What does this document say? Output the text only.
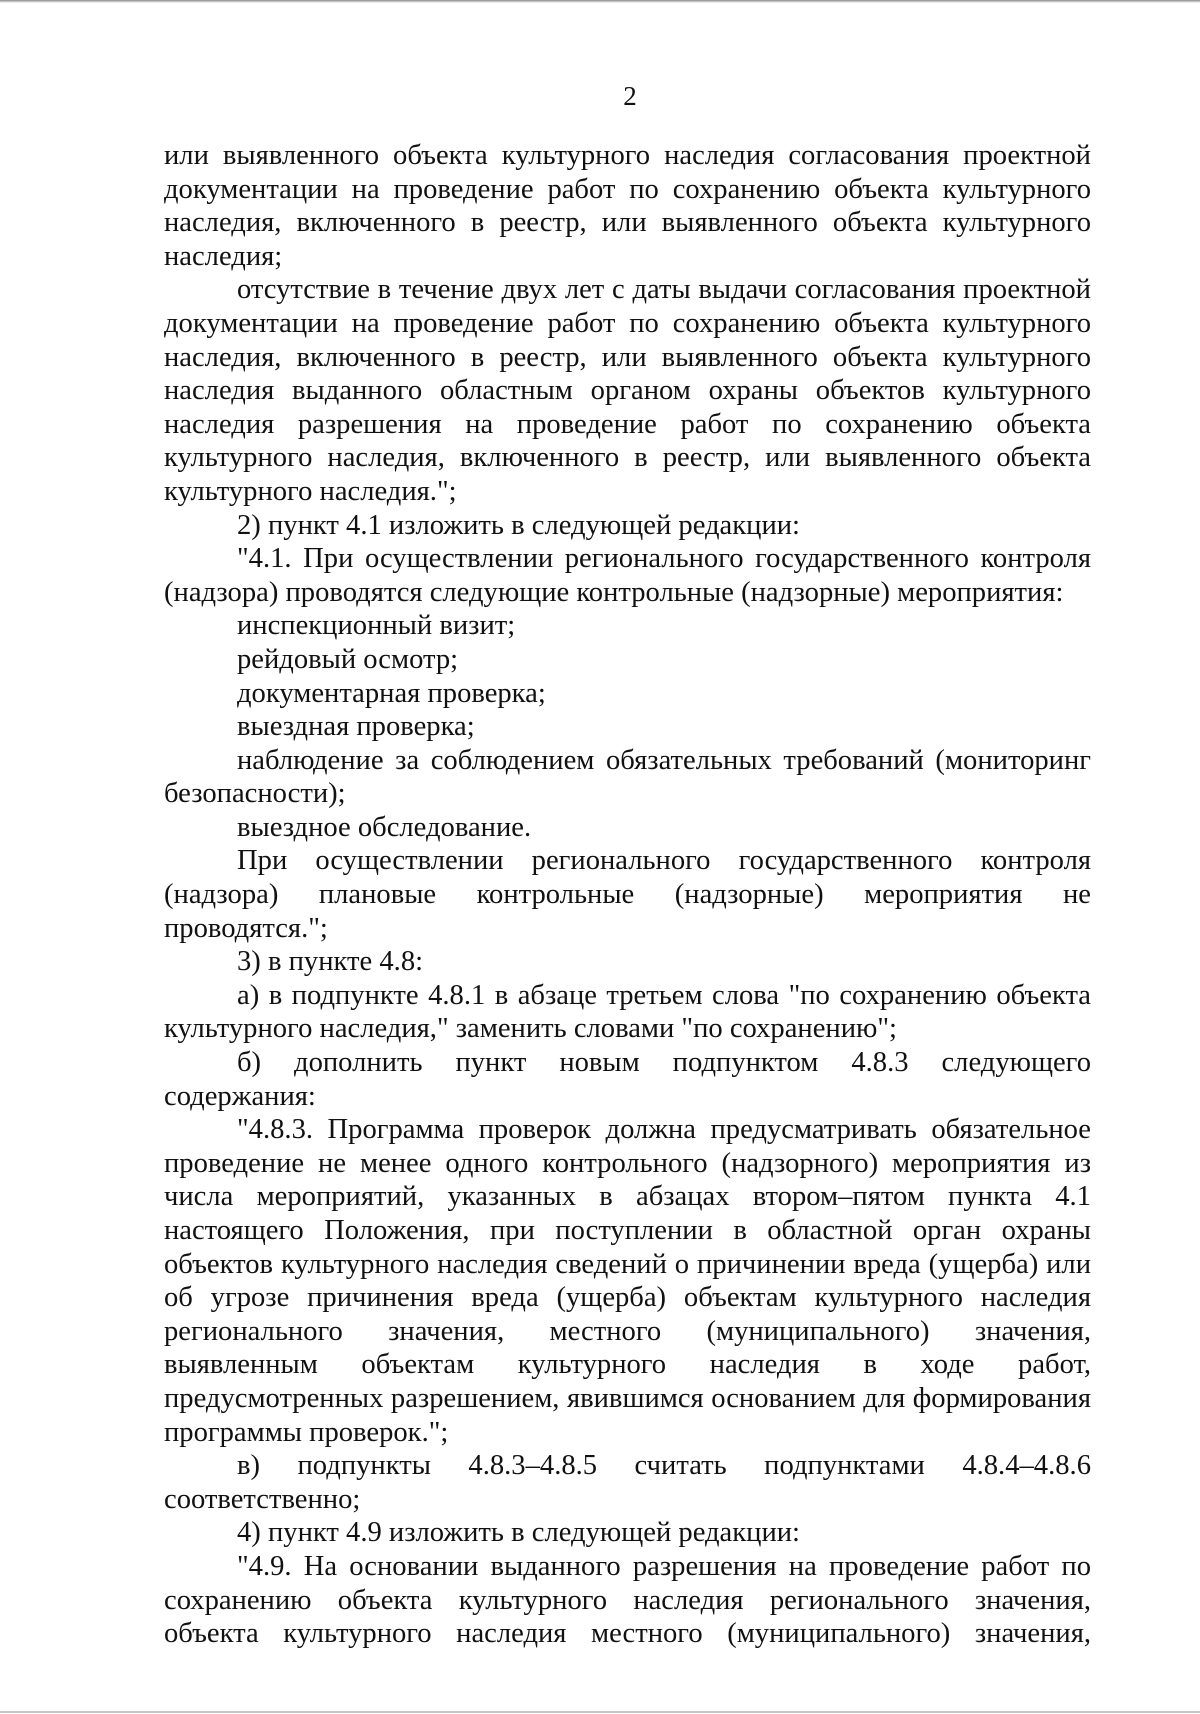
2

или выявленного объекта культурного наследия согласования проектной документации на проведение работ по сохранению объекта культурного наследия, включенного в реестр, или выявленного объекта культурного наследия;

отсутствие в течение двух лет с даты выдачи согласования проектной документации на проведение работ по сохранению объекта культурного наследия, включенного в реестр, или выявленного объекта культурного наследия выданного областным органом охраны объектов культурного наследия разрешения на проведение работ по сохранению объекта культурного наследия, включенного в реестр, или выявленного объекта культурного наследия.";

2) пункт 4.1 изложить в следующей редакции:

"4.1. При осуществлении регионального государственного контроля (надзора) проводятся следующие контрольные (надзорные) мероприятия:

инспекционный визит;

рейдовый осмотр;

документарная проверка;

выездная проверка;

наблюдение за соблюдением обязательных требований (мониторинг безопасности);

выездное обследование.

При осуществлении регионального государственного контроля (надзора) плановые контрольные (надзорные) мероприятия не проводятся.";

3) в пункте 4.8:

а) в подпункте 4.8.1 в абзаце третьем слова "по сохранению объекта культурного наследия," заменить словами "по сохранению";

б) дополнить пункт новым подпунктом 4.8.3 следующего содержания:

"4.8.3. Программа проверок должна предусматривать обязательное проведение не менее одного контрольного (надзорного) мероприятия из числа мероприятий, указанных в абзацах втором–пятом пункта 4.1 настоящего Положения, при поступлении в областной орган охраны объектов культурного наследия сведений о причинении вреда (ущерба) или об угрозе причинения вреда (ущерба) объектам культурного наследия регионального значения, местного (муниципального) значения, выявленным объектам культурного наследия в ходе работ, предусмотренных разрешением, явившимся основанием для формирования программы проверок.";

в) подпункты 4.8.3–4.8.5 считать подпунктами 4.8.4–4.8.6 соответственно;

4) пункт 4.9 изложить в следующей редакции:

"4.9. На основании выданного разрешения на проведение работ по сохранению объекта культурного наследия регионального значения, объекта культурного наследия местного (муниципального) значения,
